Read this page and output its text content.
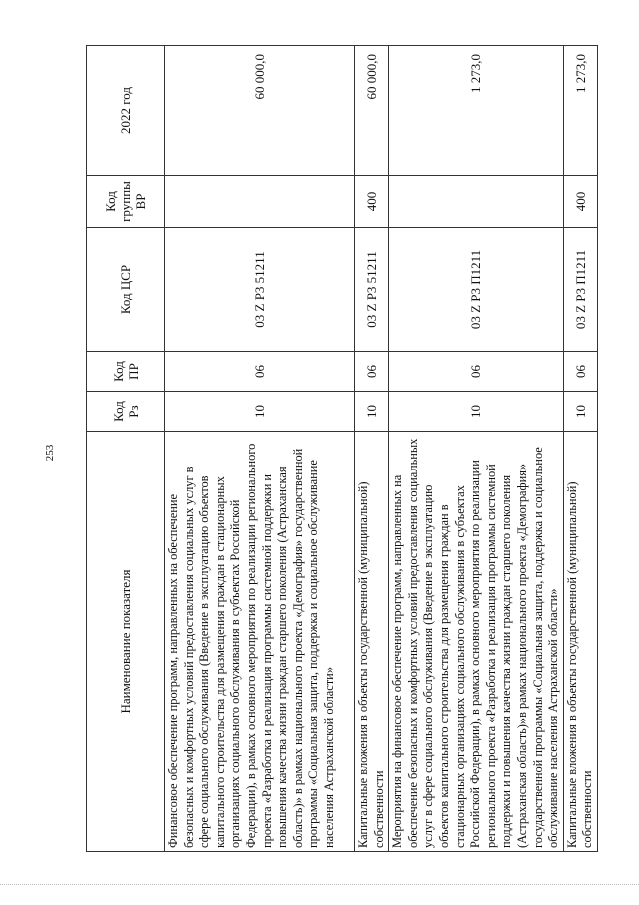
253
Наименование показателя	Код Рз	Код ПР	Код ЦСР	Код группы ВР	2022 год
Финансовое обеспечение программ, направленных на обеспечение безопасных и комфортных условий предоставления социальных услуг в сфере социального обслуживания (Введение в эксплуатацию объектов капитального строительства для размещения граждан в стационарных организациях социального обслуживания в субъектах Российской Федерации), в рамках основного мероприятия по реализации регионального проекта «Разработка и реализация программы системной поддержки и повышения качества жизни граждан старшего поколения (Астраханская область)» в рамках национального проекта «Демография» государственной программы «Социальная защита, поддержка и социальное обслуживание населения Астраханской области»	10	06	03 Z P3 51211		60 000,0
Капитальные вложения в объекты государственной (муниципальной) собственности	10	06	03 Z P3 51211	400	60 000,0
Мероприятия на финансовое обеспечение программ, направленных на обеспечение безопасных и комфортных условий предоставления социальных услуг в сфере социального обслуживания (Введение в эксплуатацию объектов капитального строительства для размещения граждан в стационарных организациях социального обслуживания в субъектах Российской Федерации), в рамках основного мероприятия по реализации регионального проекта «Разработка и реализация программы системной поддержки и повышения качества жизни граждан старшего поколения (Астраханская область)»в рамках национального проекта «Демография» государственной программы «Социальная защита, поддержка и социальное обслуживание населения Астраханской области»	10	06	03 Z P3 П1211		1 273,0
Капитальные вложения в объекты государственной (муниципальной) собственности	10	06	03 Z P3 П1211	400	1 273,0
